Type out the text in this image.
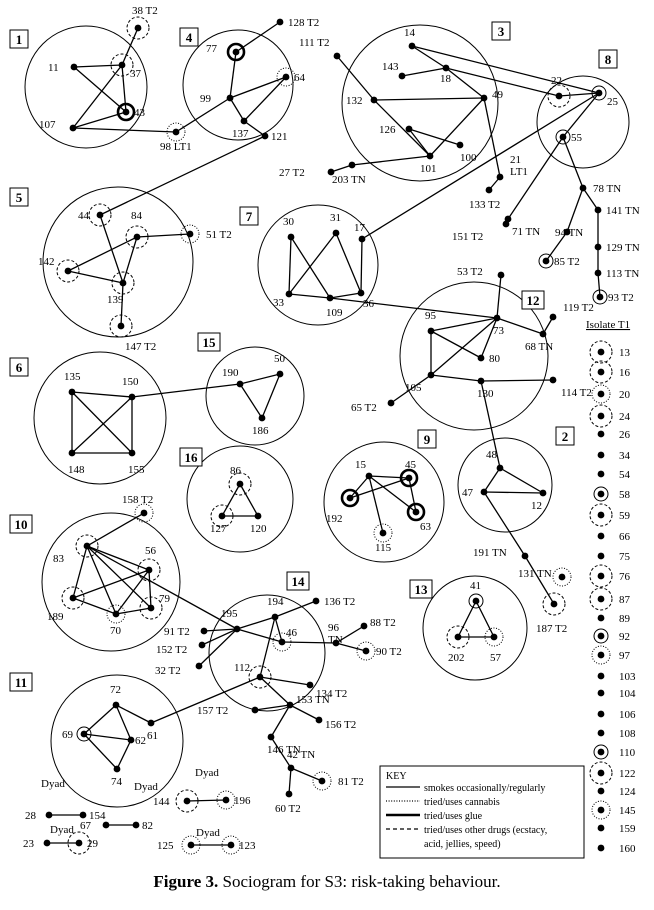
38 T2
11	37
43
107
98 LT1
128 T2
77
64
99
137 121
111 T2
14
143
18
132	49
126
100
101
27 T2
203 TN
21
LT1
133 T2
22
25
55
78 TN
141 TN
94 TN
85 T2
129 TN
113 TN
93 T2
151 T2	71 TN
44	84
51 T2
142
139
147 T2
30	31
17
33	36
109
53 T2
119 T2
95
73
68 TN
80
105	130	114 T2
65 T2
135	150
148	155
190
50
186
86
127 120
15	45
192
63
115
48
47
12
191 TN
131 TN
187 T2
158 T2
83
56
79
189
70
41
202 57
195
194	136 T2
91 T2
152 T2
32 T2
46
112
96
TN
88 T2
90 T2
134 T2
153 TN
157 T2
156 T2
146 TN
42 TN
81 T2
60 T2
72
61
69	62
74
28	154
67	82
23	29
144	196
125	123
13
16
20
24
26
34
54
58
59
66
75
76
87
89
92
97
103
104
106
108
110
122
124
145
159
160
1	4	3
8
5
7
12
15
6
16
9	2
10
14
13
11
Isolate T1
Dyad	Dyad
Dyad
Dyad
Dyad
KEY
smokes occasionally/regularly
tried/uses cannabis
tried/uses glue
tried/uses other drugs (ecstacy,
acid, jellies, speed)
Figure 3. Sociogram for S3: risk-taking behaviour.
